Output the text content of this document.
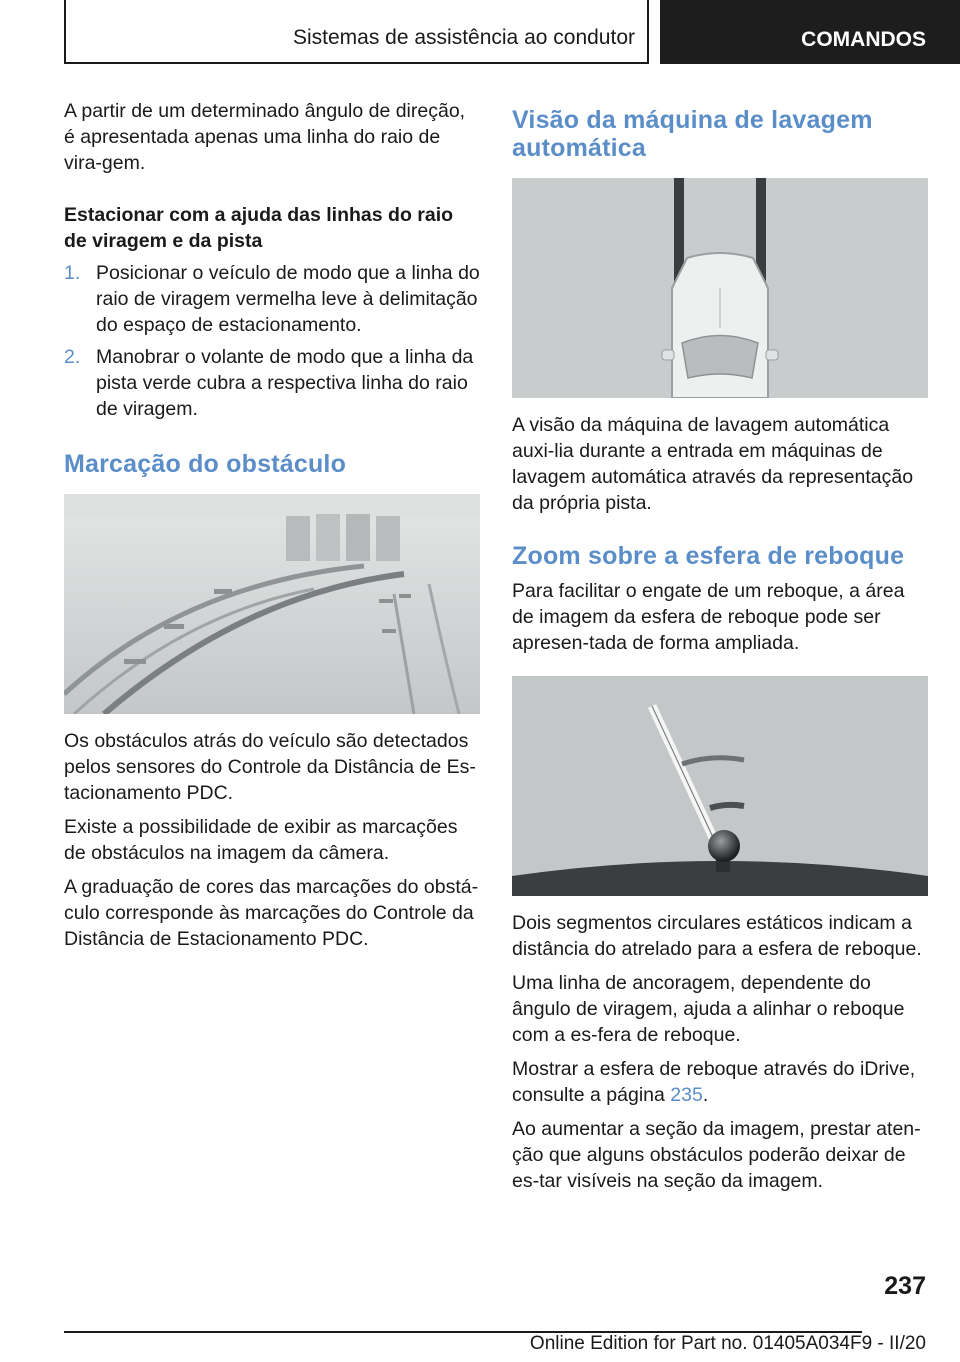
Sistemas de assistência ao condutor	COMANDOS

A partir de um determinado ângulo de direção, é apresentada apenas uma linha do raio de vira-gem.

Estacionar com a ajuda das linhas do raio de viragem e da pista

1. Posicionar o veículo de modo que a linha do raio de viragem vermelha leve à delimitação do espaço de estacionamento.
2. Manobrar o volante de modo que a linha da pista verde cubra a respectiva linha do raio de viragem.
Marcação do obstáculo

Os obstáculos atrás do veículo são detectados pelos sensores do Controle da Distância de Es-tacionamento PDC.

Existe a possibilidade de exibir as marcações de obstáculos na imagem da câmera.

A graduação de cores das marcações do obstá-culo corresponde às marcações do Controle da Distância de Estacionamento PDC.

Visão da máquina de lavagem automática

A visão da máquina de lavagem automática auxi-lia durante a entrada em máquinas de lavagem automática através da representação da própria pista.

Zoom sobre a esfera de reboque

Para facilitar o engate de um reboque, a área de imagem da esfera de reboque pode ser apresen-tada de forma ampliada.

Dois segmentos circulares estáticos indicam a distância do atrelado para a esfera de reboque.

Uma linha de ancoragem, dependente do ângulo de viragem, ajuda a alinhar o reboque com a es-fera de reboque.

Mostrar a esfera de reboque através do iDrive, consulte a página 235.

Ao aumentar a seção da imagem, prestar aten-ção que alguns obstáculos poderão deixar de es-tar visíveis na seção da imagem.

237
Online Edition for Part no. 01405A034F9 - II/20
